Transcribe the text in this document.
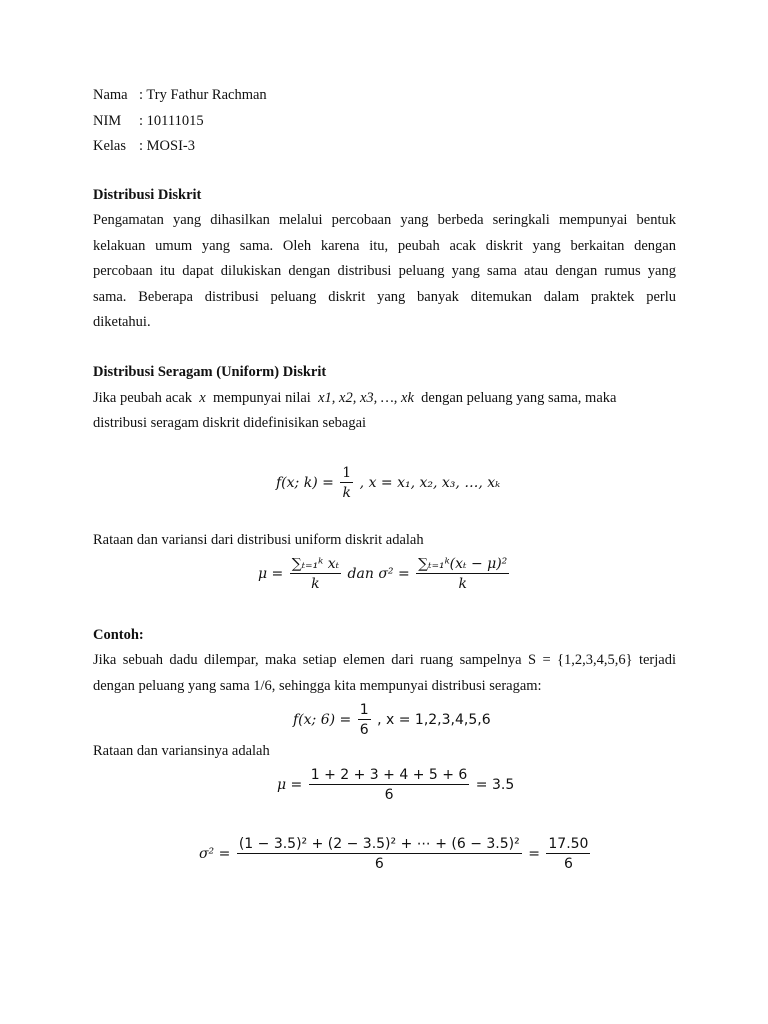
Nama : Try Fathur Rachman
NIM : 10111015
Kelas : MOSI-3
Distribusi Diskrit
Pengamatan yang dihasilkan melalui percobaan yang berbeda seringkali mempunyai bentuk
kelakuan umum yang sama. Oleh karena itu, peubah acak diskrit yang berkaitan dengan
percobaan itu dapat dilukiskan dengan distribusi peluang yang sama atau dengan rumus yang
sama. Beberapa distribusi peluang diskrit yang banyak ditemukan dalam praktek perlu
diketahui.
Distribusi Seragam (Uniform) Diskrit
Jika peubah acak x mempunyai nilai x1, x2, x3, …, xk dengan peluang yang sama, maka
distribusi seragam diskrit didefinisikan sebagai
f(x; $k) = \frac{1}{k}$ , x = x₁, x₂, x₃, …, xₖ
Rataan dan variansi dari distribusi uniform diskrit adalah
$\mu = \frac{\text{∑ₜ₌₁ᵏ xₜ}}{k}$ dan $\sigma^2 = \frac{\text{∑ₜ₌₁ᵏ(xₜ − μ)²}}{k}$
Contoh:
Jika sebuah dadu dilempar, maka setiap elemen dari ruang sampelnya S = {1,2,3,4,5,6} terjadi
dengan peluang yang sama 1/6, sehingga kita mempunyai distribusi seragam:
f(x; $6) = \frac{1}{6}$ , x = 1,2,3,4,5,6
Rataan dan variansinya adalah
$\mu = \frac{1 + 2 + 3 + 4 + 5 + 6}{6} = 3.5$
$\sigma^2 = \frac{\text{(1 − 3.5)² + (2 − 3.5)² + ⋯ + (6 − 3.5)²}}{6} = \frac{17.50}{6}$
